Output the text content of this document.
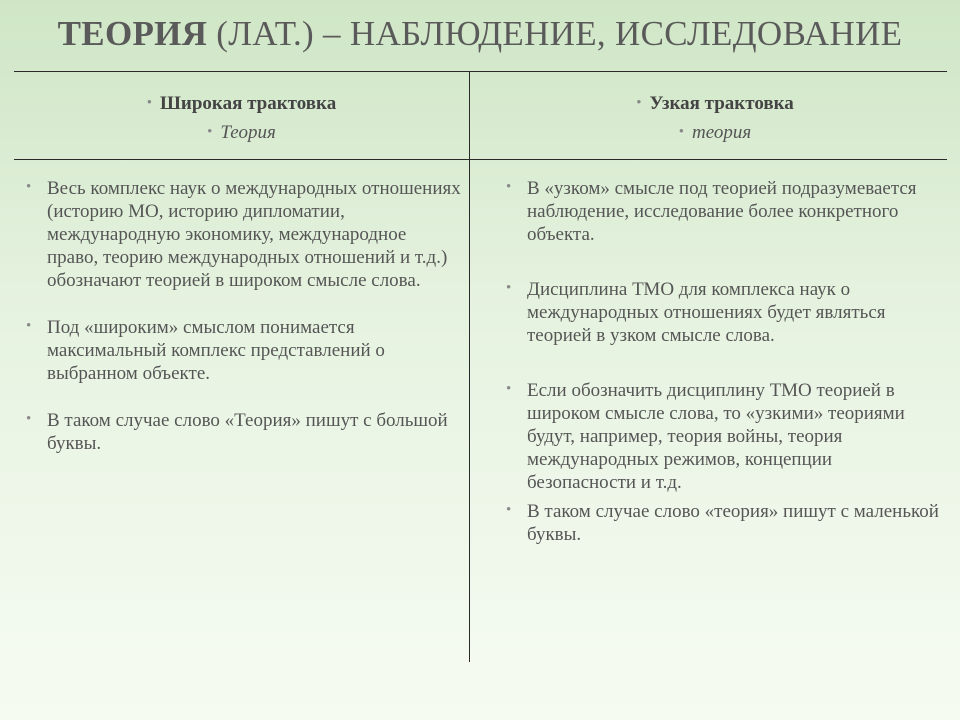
ТЕОРИЯ (ЛАТ.) – НАБЛЮДЕНИЕ, ИССЛЕДОВАНИЕ
• Широкая трактовка
• Теория
• Узкая трактовка
• теория
• Весь комплекс наук о международных отношениях (историю МО, историю дипломатии, международную экономику, международное право, теорию международных отношений и т.д.) обозначают теорией в широком смысле слова.
• Под «широким» смыслом понимается максимальный комплекс представлений о выбранном объекте.
• В таком случае слово «Теория» пишут с большой буквы.
• В «узком» смысле под теорией подразумевается наблюдение, исследование более конкретного объекта.
• Дисциплина ТМО для комплекса наук о международных отношениях будет являться теорией в узком смысле слова.
• Если обозначить дисциплину ТМО теорией в широком смысле слова, то «узкими» теориями будут, например, теория войны, теория международных режимов, концепции безопасности и т.д.
• В таком случае слово «теория» пишут с маленькой буквы.
